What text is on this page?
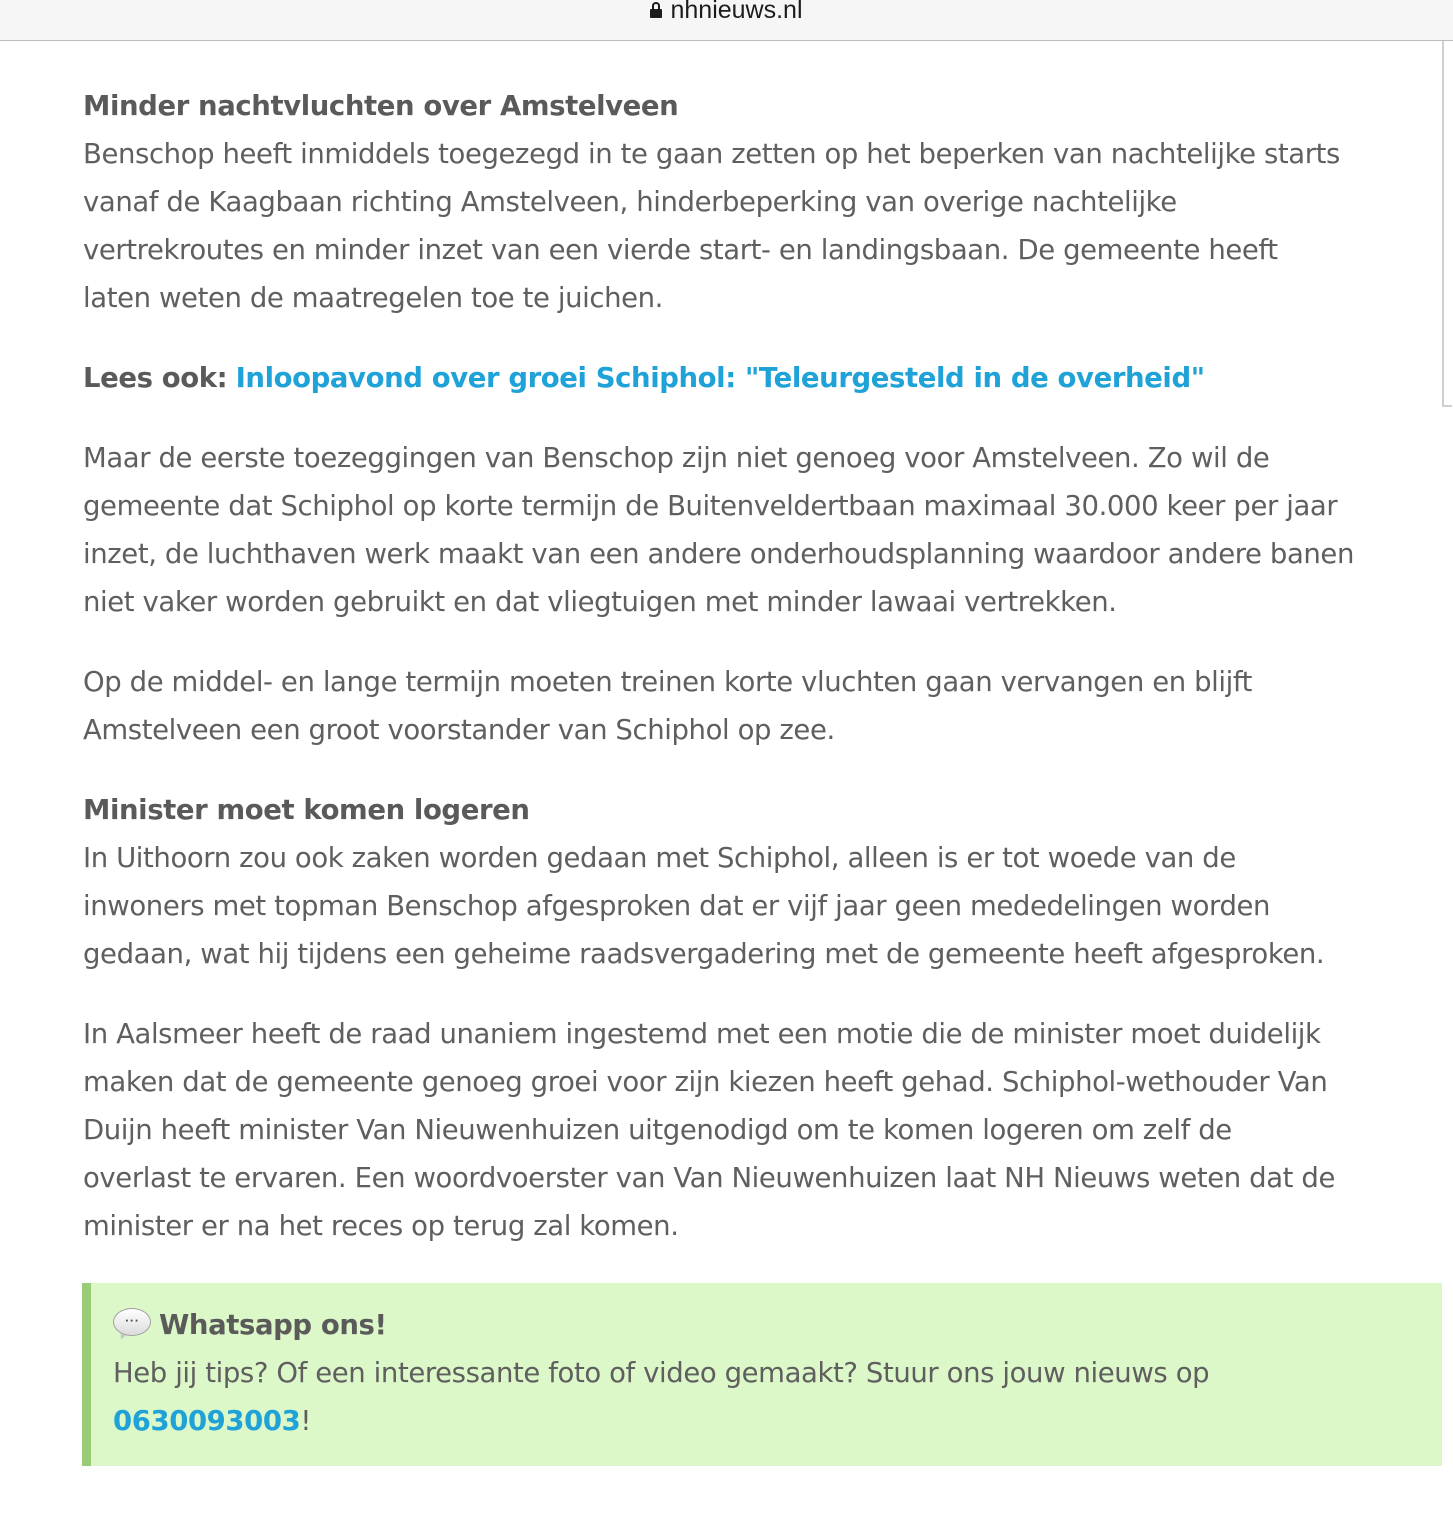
nhnieuws.nl
Minder nachtvluchten over Amstelveen

Benschop heeft inmiddels toegezegd in te gaan zetten op het beperken van nachtelijke starts

vanaf de Kaagbaan richting Amstelveen, hinderbeperking van overige nachtelijke

vertrekroutes en minder inzet van een vierde start- en landingsbaan. De gemeente heeft

laten weten de maatregelen toe te juichen.

Lees ook: Inloopavond over groei Schiphol: "Teleurgesteld in de overheid"

Maar de eerste toezeggingen van Benschop zijn niet genoeg voor Amstelveen. Zo wil de

gemeente dat Schiphol op korte termijn de Buitenveldertbaan maximaal 30.000 keer per jaar

inzet, de luchthaven werk maakt van een andere onderhoudsplanning waardoor andere banen

niet vaker worden gebruikt en dat vliegtuigen met minder lawaai vertrekken.

Op de middel- en lange termijn moeten treinen korte vluchten gaan vervangen en blijft

Amstelveen een groot voorstander van Schiphol op zee.

Minister moet komen logeren

In Uithoorn zou ook zaken worden gedaan met Schiphol, alleen is er tot woede van de

inwoners met topman Benschop afgesproken dat er vijf jaar geen mededelingen worden

gedaan, wat hij tijdens een geheime raadsvergadering met de gemeente heeft afgesproken.

In Aalsmeer heeft de raad unaniem ingestemd met een motie die de minister moet duidelijk

maken dat de gemeente genoeg groei voor zijn kiezen heeft gehad. Schiphol-wethouder Van

Duijn heeft minister Van Nieuwenhuizen uitgenodigd om te komen logeren om zelf de

overlast te ervaren. Een woordvoerster van Van Nieuwenhuizen laat NH Nieuws weten dat de

minister er na het reces op terug zal komen.

··· Whatsapp ons!

Heb jij tips? Of een interessante foto of video gemaakt? Stuur ons jouw nieuws op

0630093003!
